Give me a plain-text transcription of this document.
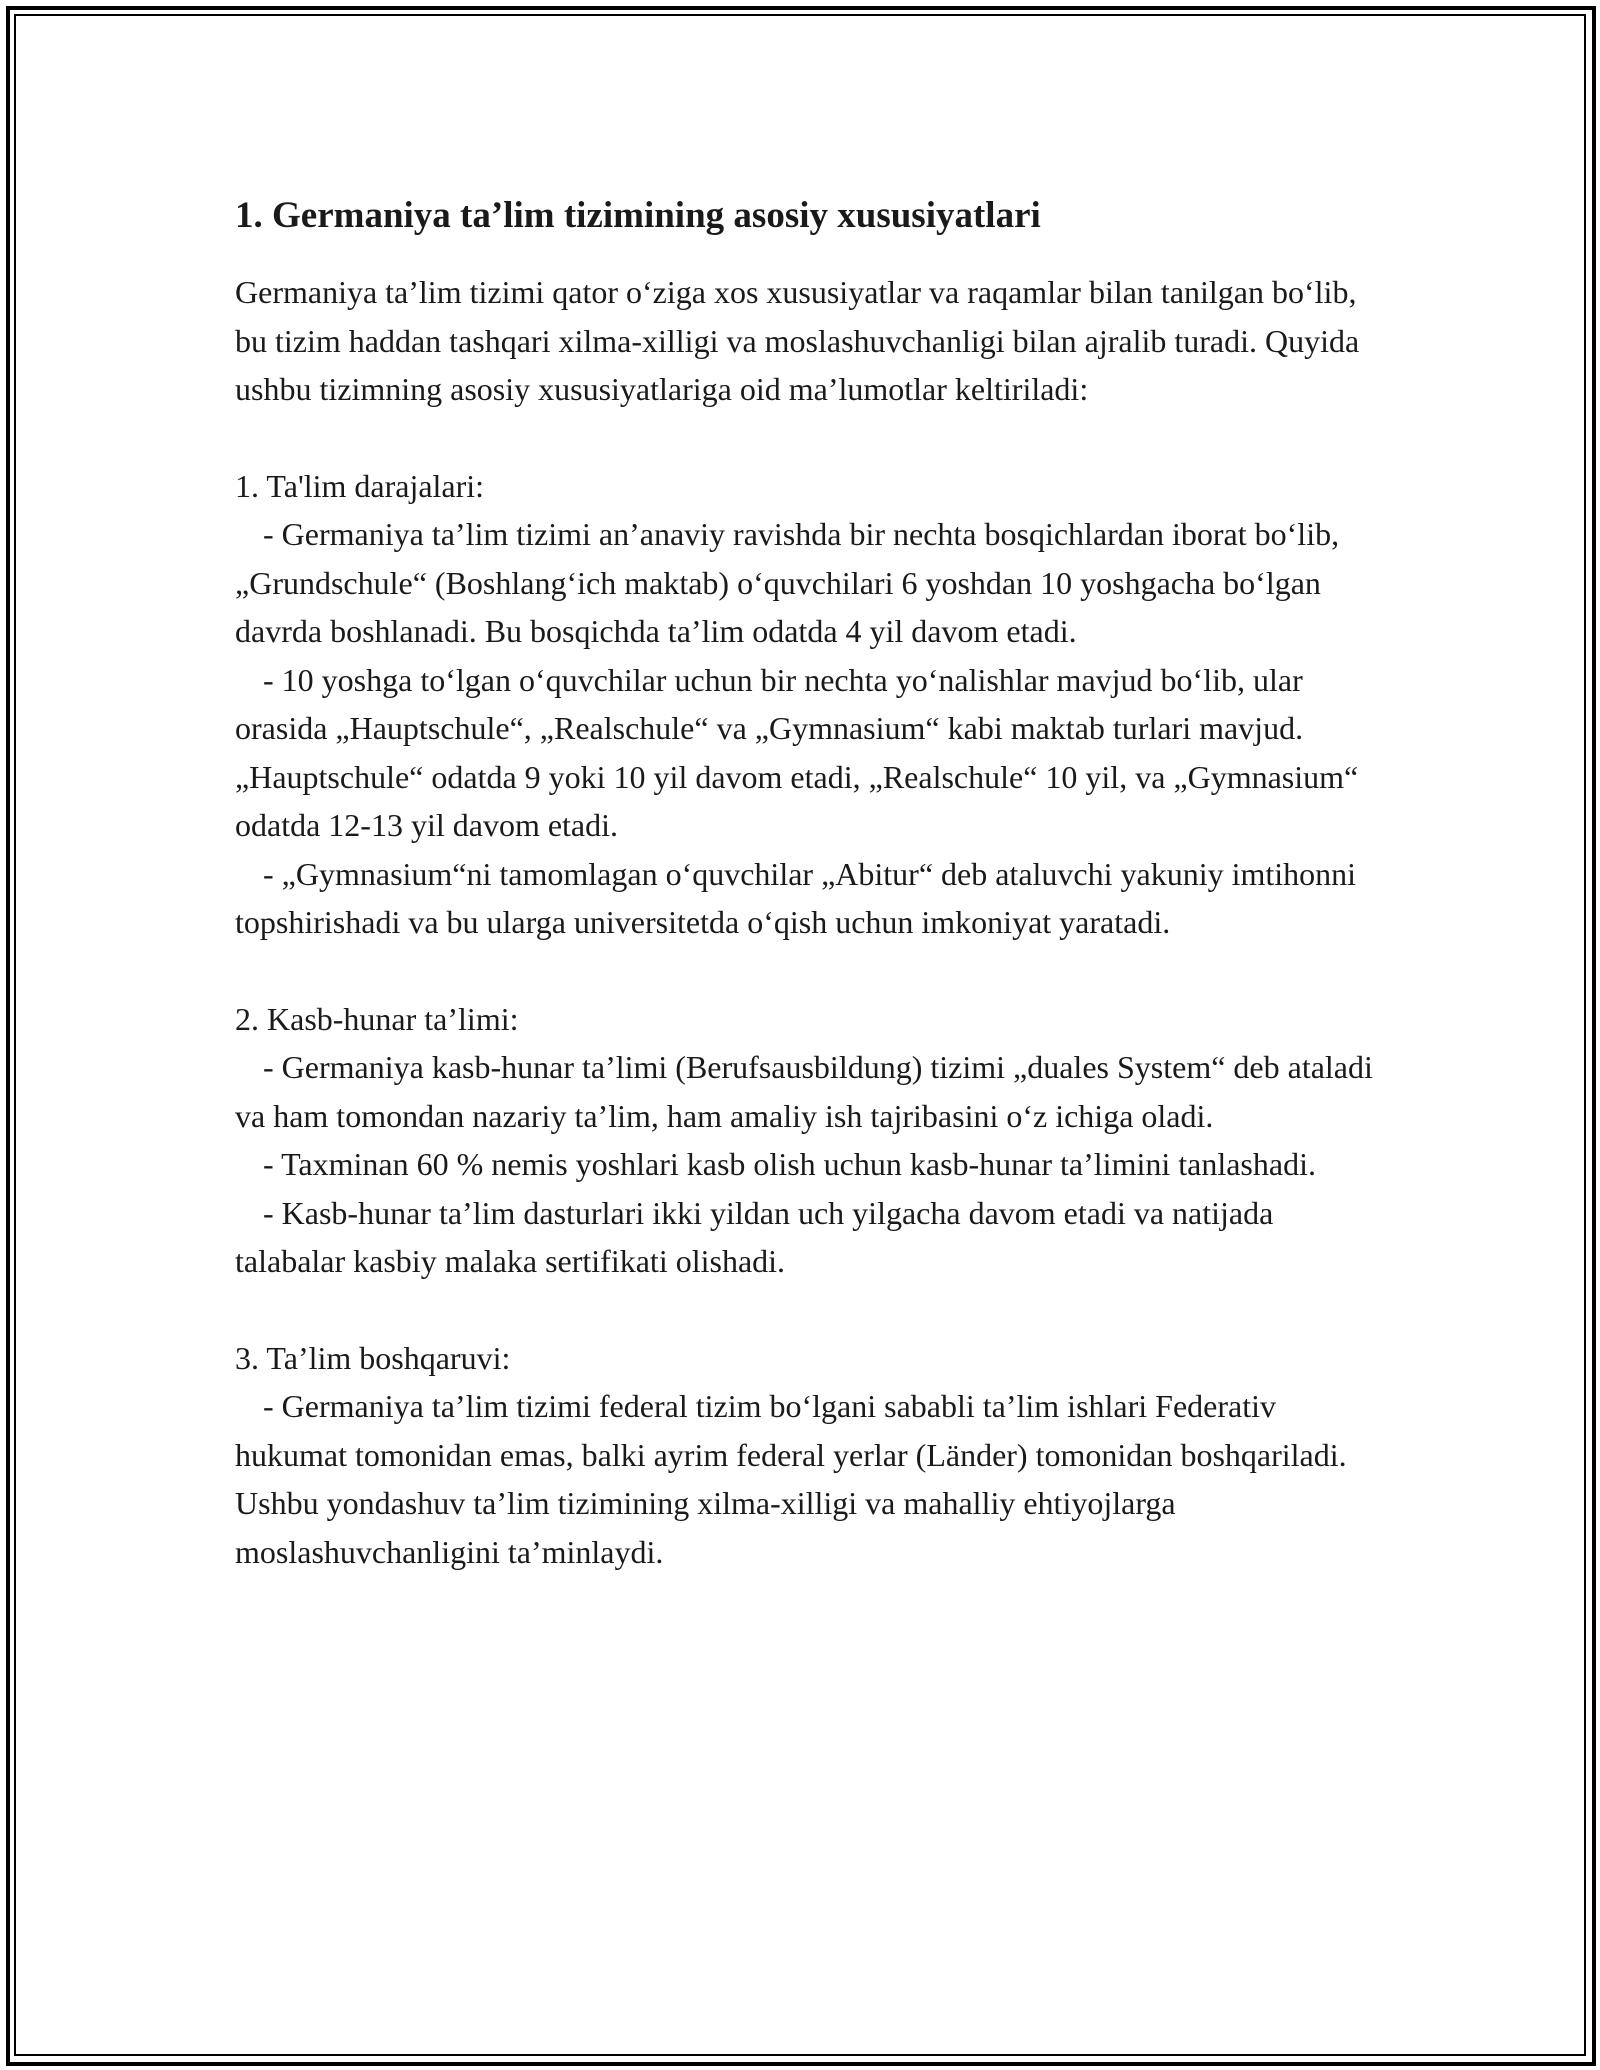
1. Germaniya ta’lim tizimining asosiy xususiyatlari

Germaniya ta’lim tizimi qator o‘ziga xos xususiyatlar va raqamlar bilan tanilgan bo‘lib, bu tizim haddan tashqari xilma-xilligi va moslashuvchanligi bilan ajralib turadi. Quyida ushbu tizimning asosiy xususiyatlariga oid ma’lumotlar keltiriladi:

1. Ta'lim darajalari:

- Germaniya ta’lim tizimi an’anaviy ravishda bir nechta bosqichlardan iborat bo‘lib, „Grundschule“ (Boshlang‘ich maktab) o‘quvchilari 6 yoshdan 10 yoshgacha bo‘lgan davrda boshlanadi. Bu bosqichda ta’lim odatda 4 yil davom etadi.

- 10 yoshga to‘lgan o‘quvchilar uchun bir nechta yo‘nalishlar mavjud bo‘lib, ular orasida „Hauptschule“, „Realschule“ va „Gymnasium“ kabi maktab turlari mavjud. „Hauptschule“ odatda 9 yoki 10 yil davom etadi, „Realschule“ 10 yil, va „Gymnasium“ odatda 12-13 yil davom etadi.

- „Gymnasium“ni tamomlagan o‘quvchilar „Abitur“ deb ataluvchi yakuniy imtihonni topshirishadi va bu ularga universitetda o‘qish uchun imkoniyat yaratadi.

2. Kasb-hunar ta’limi:

- Germaniya kasb-hunar ta’limi (Berufsausbildung) tizimi „duales System“ deb ataladi va ham tomondan nazariy ta’lim, ham amaliy ish tajribasini o‘z ichiga oladi.

- Taxminan 60 % nemis yoshlari kasb olish uchun kasb-hunar ta’limini tanlashadi.

- Kasb-hunar ta’lim dasturlari ikki yildan uch yilgacha davom etadi va natijada talabalar kasbiy malaka sertifikati olishadi.

3. Ta’lim boshqaruvi:

- Germaniya ta’lim tizimi federal tizim bo‘lgani sababli ta’lim ishlari Federativ hukumat tomonidan emas, balki ayrim federal yerlar (Länder) tomonidan boshqariladi. Ushbu yondashuv ta’lim tizimining xilma-xilligi va mahalliy ehtiyojlarga moslashuvchanligini ta’minlaydi.
